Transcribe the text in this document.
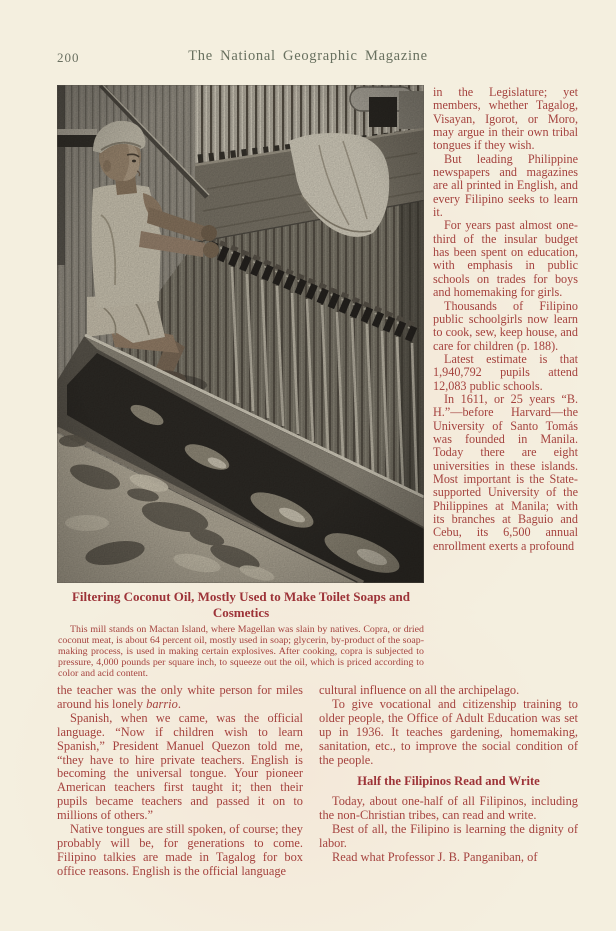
200	The National Geographic Magazine

in the Legislature; yet members, whether Tagalog, Visayan, Igorot, or Moro, may argue in their own tribal tongues if they wish.

But leading Philippine newspapers and magazines are all printed in English, and every Filipino seeks to learn it.

For years past almost one-third of the insular budget has been spent on education, with emphasis in public schools on trades for boys and homemaking for girls.

Thousands of Filipino public schoolgirls now learn to cook, sew, keep house, and care for children (p. 188).

Latest estimate is that 1,940,792 pupils attend 12,083 public schools.

In 1611, or 25 years “B. H.”—before Harvard—the University of Santo Tomás was founded in Manila. Today there are eight universities in these islands. Most important is the State-supported University of the Philippines at Manila; with its branches at Baguio and Cebu, its 6,500 annual enrollment exerts a profound

Filtering Coconut Oil, Mostly Used to Make Toilet Soaps and Cosmetics

This mill stands on Mactan Island, where Magellan was slain by natives. Copra, or dried coconut meat, is about 64 percent oil, mostly used in soap; glycerin, by-product of the soap-making process, is used in making certain explosives. After cooking, copra is subjected to pressure, 4,000 pounds per square inch, to squeeze out the oil, which is priced according to color and acid content.

the teacher was the only white person for miles around his lonely barrio.

Spanish, when we came, was the official language. “Now if children wish to learn Spanish,” President Manuel Quezon told me, “they have to hire private teachers. English is becoming the universal tongue. Your pioneer American teachers first taught it; then their pupils became teachers and passed it on to millions of others.”

Native tongues are still spoken, of course; they probably will be, for generations to come. Filipino talkies are made in Tagalog for box office reasons. English is the official language

cultural influence on all the archipelago.

To give vocational and citizenship training to older people, the Office of Adult Education was set up in 1936. It teaches gardening, homemaking, sanitation, etc., to improve the social condition of the people.

Half the Filipinos Read and Write

Today, about one-half of all Filipinos, including the non-Christian tribes, can read and write.

Best of all, the Filipino is learning the dignity of labor.

Read what Professor J. B. Panganiban, of
